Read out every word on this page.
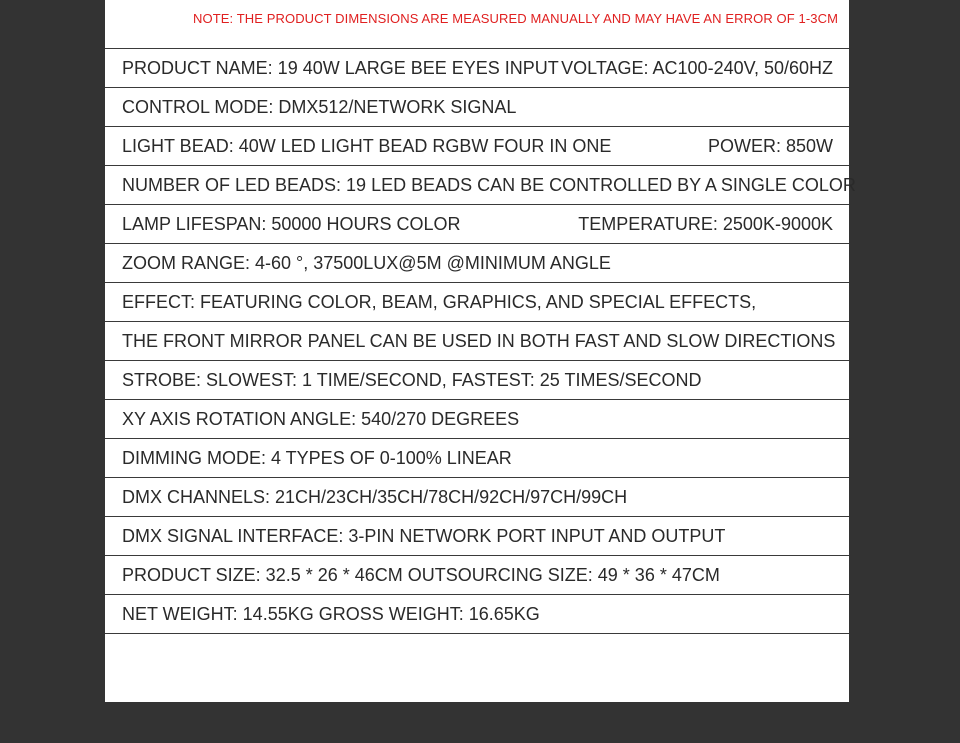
NOTE: THE PRODUCT DIMENSIONS ARE MEASURED MANUALLY AND MAY HAVE AN ERROR OF 1-3CM
PRODUCT NAME: 19 40W LARGE BEE EYES INPUT VOLTAGE: AC100-240V, 50/60HZ
CONTROL MODE: DMX512/NETWORK SIGNAL
LIGHT BEAD: 40W LED LIGHT BEAD RGBW FOUR IN ONE	POWER: 850W
NUMBER OF LED BEADS: 19 LED BEADS CAN BE CONTROLLED BY A SINGLE COLOR
LAMP LIFESPAN: 50000 HOURS COLOR	TEMPERATURE: 2500K-9000K
ZOOM RANGE: 4-60 °, 37500LUX@5M @MINIMUM ANGLE
EFFECT: FEATURING COLOR, BEAM, GRAPHICS, AND SPECIAL EFFECTS,
THE FRONT MIRROR PANEL CAN BE USED IN BOTH FAST AND SLOW DIRECTIONS
STROBE: SLOWEST: 1 TIME/SECOND, FASTEST: 25 TIMES/SECOND
XY AXIS ROTATION ANGLE: 540/270 DEGREES
DIMMING MODE: 4 TYPES OF 0-100% LINEAR
DMX CHANNELS: 21CH/23CH/35CH/78CH/92CH/97CH/99CH
DMX SIGNAL INTERFACE: 3-PIN NETWORK PORT INPUT AND OUTPUT
PRODUCT SIZE: 32.5 * 26 * 46CM OUTSOURCING SIZE: 49 * 36 * 47CM
NET WEIGHT: 14.55KG GROSS WEIGHT: 16.65KG
